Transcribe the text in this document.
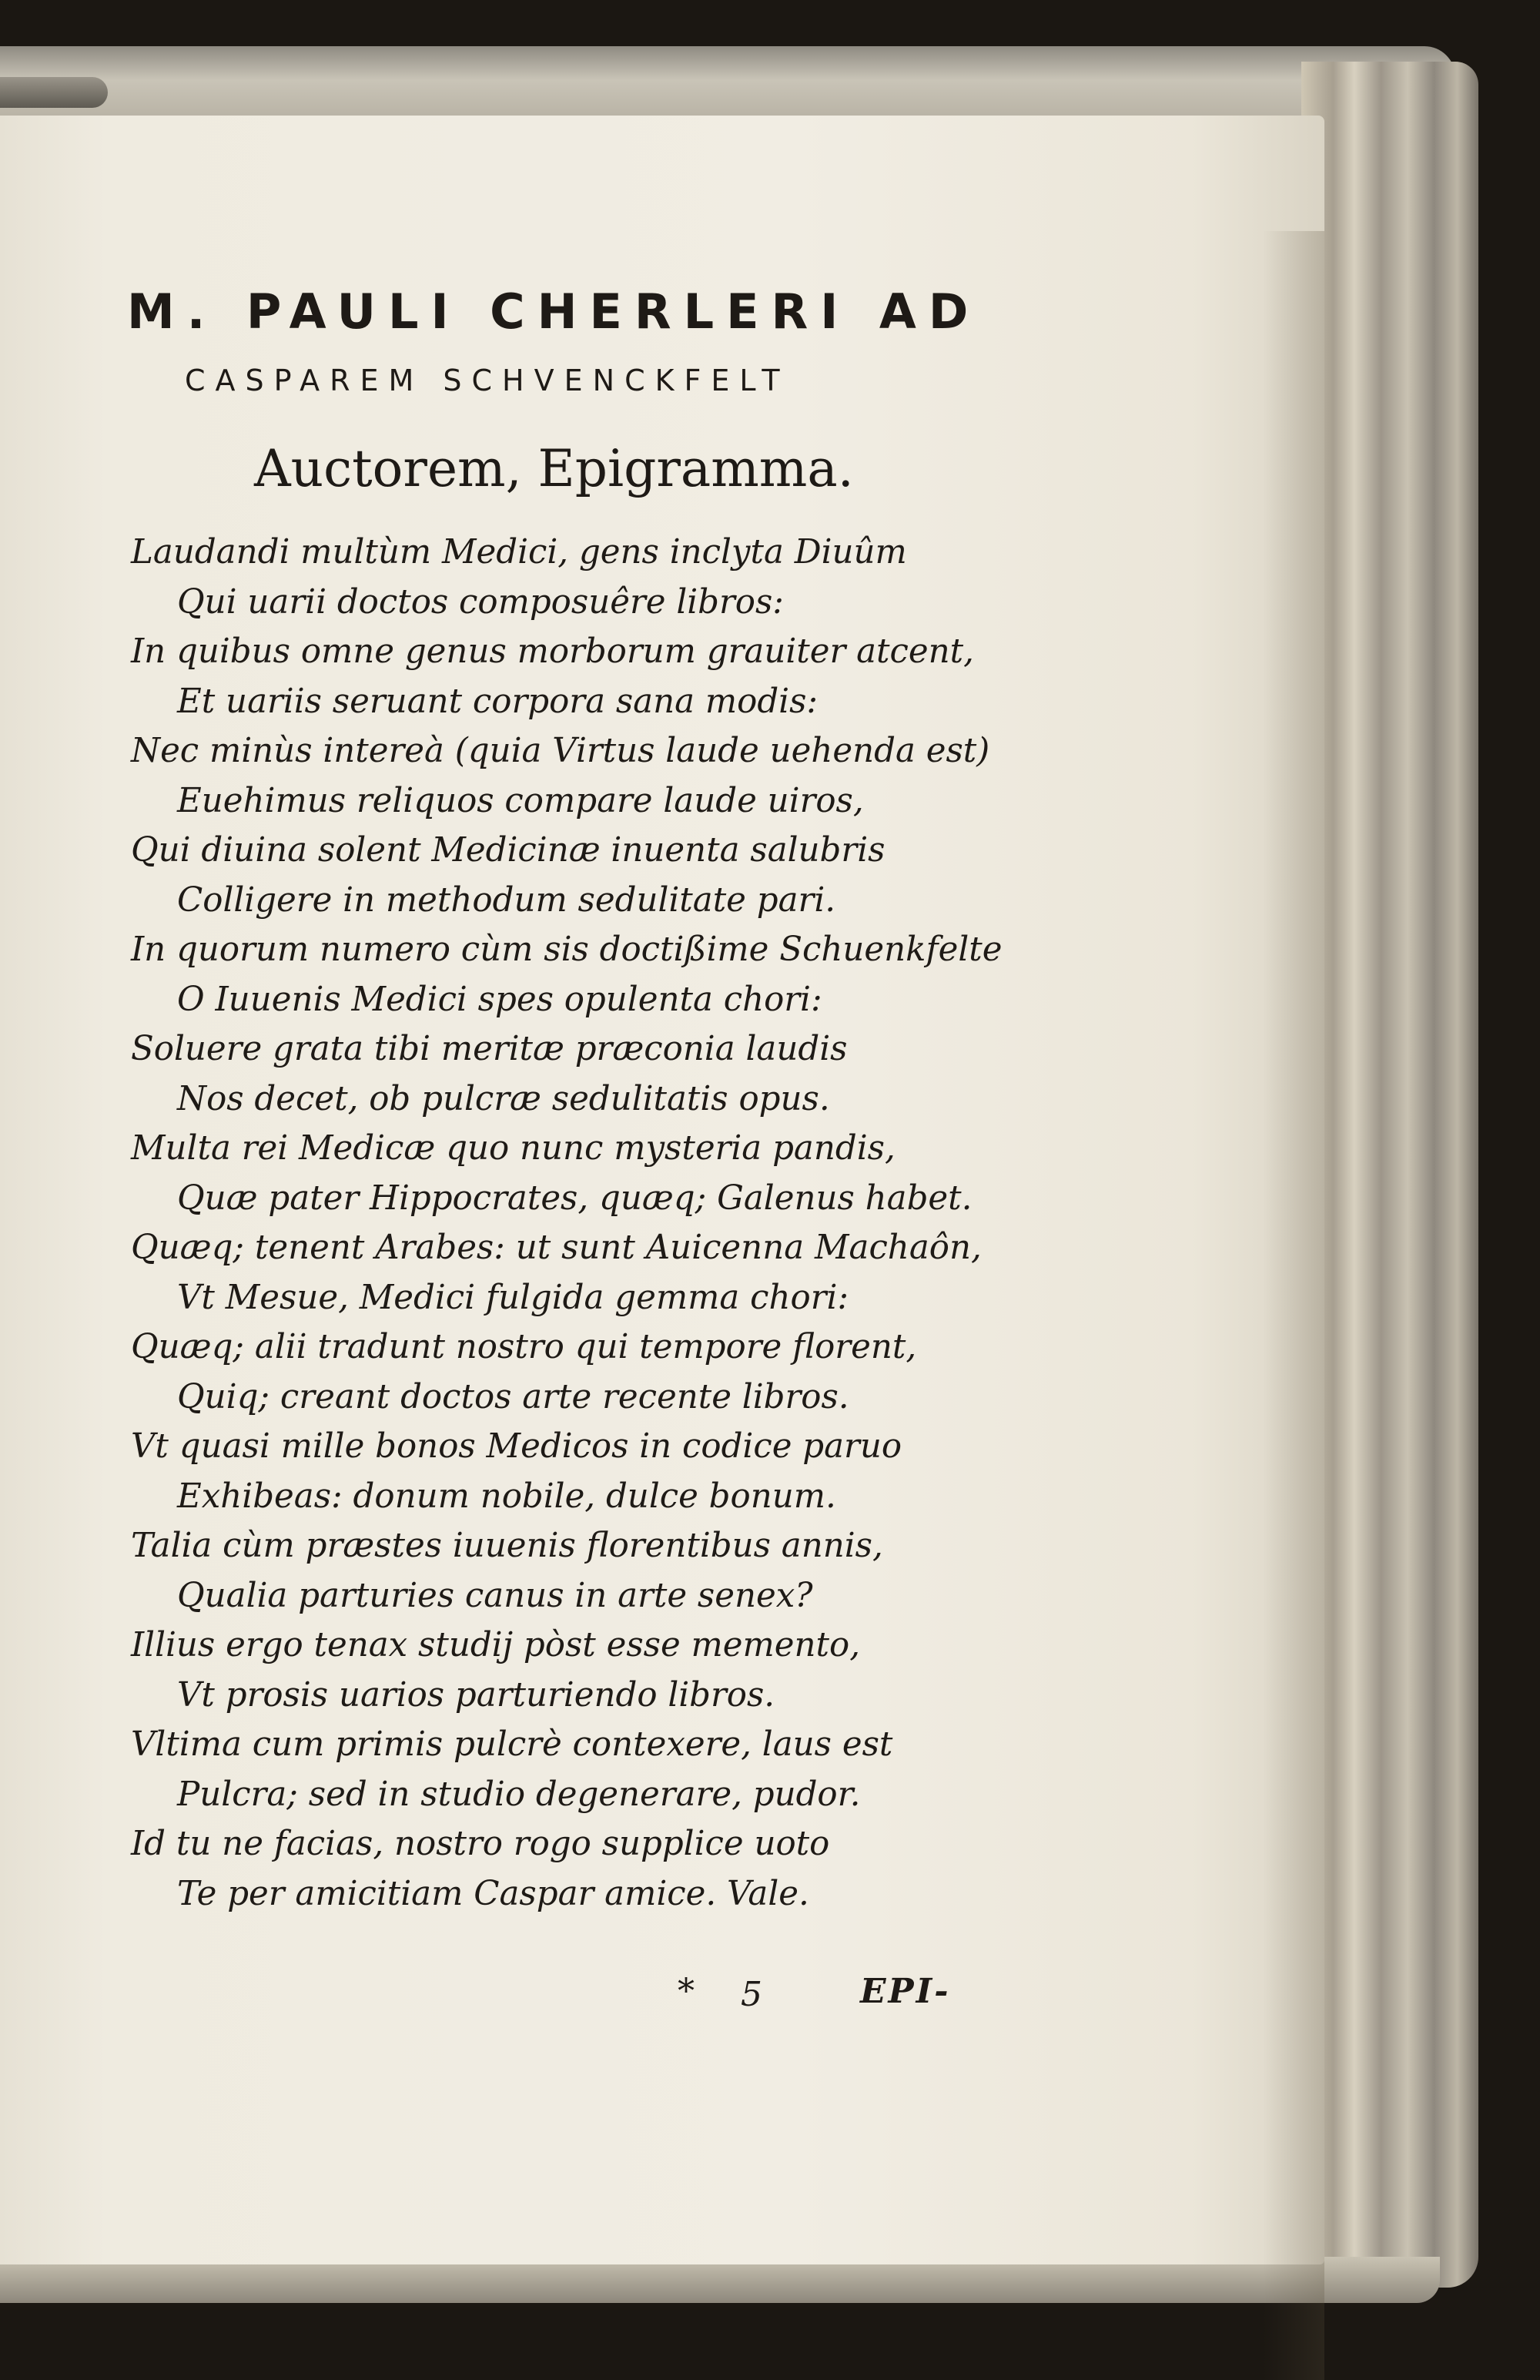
M. PAULI CHERLERI AD
CASPAREM SCHVENCKFELT
Auctorem, Epigramma.
Laudandi multùm Medici, gens inclyta Diuûm
Qui uarii doctos composuêre libros:
In quibus omne genus morborum grauiter atcent,
Et uariis seruant corpora sana modis:
Nec minùs intereà (quia Virtus laude uehenda est)
Euehimus reliquos compare laude uiros,
Qui diuina solent Medicinæ inuenta salubris
Colligere in methodum sedulitate pari.
In quorum numero cùm sis doctißime Schuenkfelte
O Iuuenis Medici spes opulenta chori:
Soluere grata tibi meritæ præconia laudis
Nos decet, ob pulcræ sedulitatis opus.
Multa rei Medicæ quo nunc mysteria pandis,
Quæ pater Hippocrates, quæq; Galenus habet.
Quæq; tenent Arabes: ut sunt Auicenna Machaôn,
Vt Mesue, Medici fulgida gemma chori:
Quæq; alii tradunt nostro qui tempore florent,
Quiq; creant doctos arte recente libros.
Vt quasi mille bonos Medicos in codice paruo
Exhibeas: donum nobile, dulce bonum.
Talia cùm præstes iuuenis florentibus annis,
Qualia parturies canus in arte senex?
Illius ergo tenax studij pòst esse memento,
Vt prosis uarios parturiendo libros.
Vltima cum primis pulcrè contexere, laus est
Pulcra; sed in studio degenerare, pudor.
Id tu ne facias, nostro rogo supplice uoto
Te per amicitiam Caspar amice. Vale.
* 5	EPI-
